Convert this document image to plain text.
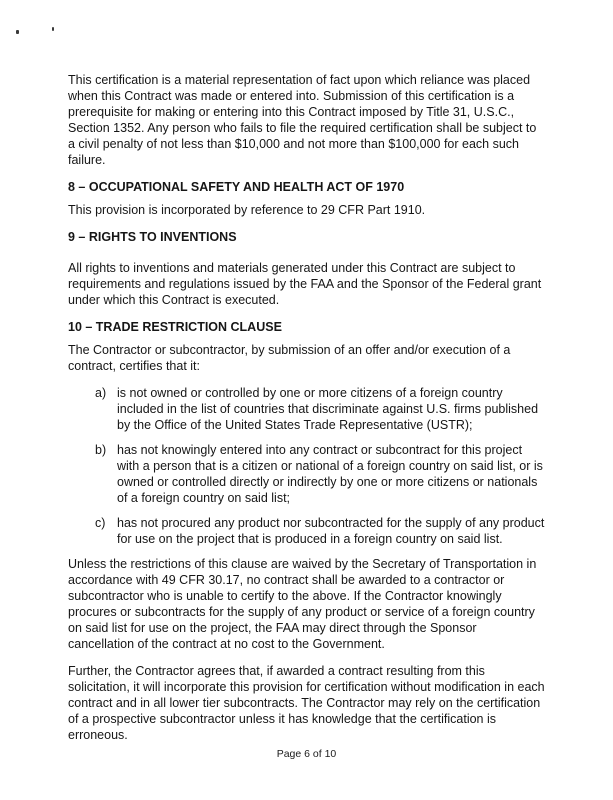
This certification is a material representation of fact upon which reliance was placed when this Contract was made or entered into. Submission of this certification is a prerequisite for making or entering into this Contract imposed by Title 31, U.S.C., Section 1352. Any person who fails to file the required certification shall be subject to a civil penalty of not less than $10,000 and not more than $100,000 for each such failure.

8 – OCCUPATIONAL SAFETY AND HEALTH ACT OF 1970

This provision is incorporated by reference to 29 CFR Part 1910.

9 – RIGHTS TO INVENTIONS

All rights to inventions and materials generated under this Contract are subject to requirements and regulations issued by the FAA and the Sponsor of the Federal grant under which this Contract is executed.

10 – TRADE RESTRICTION CLAUSE

The Contractor or subcontractor, by submission of an offer and/or execution of a contract, certifies that it:

a) is not owned or controlled by one or more citizens of a foreign country included in the list of countries that discriminate against U.S. firms published by the Office of the United States Trade Representative (USTR);
b) has not knowingly entered into any contract or subcontract for this project with a person that is a citizen or national of a foreign country on said list, or is owned or controlled directly or indirectly by one or more citizens or nationals of a foreign country on said list;
c) has not procured any product nor subcontracted for the supply of any product for use on the project that is produced in a foreign country on said list.

Unless the restrictions of this clause are waived by the Secretary of Transportation in accordance with 49 CFR 30.17, no contract shall be awarded to a contractor or subcontractor who is unable to certify to the above. If the Contractor knowingly procures or subcontracts for the supply of any product or service of a foreign country on said list for use on the project, the FAA may direct through the Sponsor cancellation of the contract at no cost to the Government.

Further, the Contractor agrees that, if awarded a contract resulting from this solicitation, it will incorporate this provision for certification without modification in each contract and in all lower tier subcontracts. The Contractor may rely on the certification of a prospective subcontractor unless it has knowledge that the certification is erroneous.

Page 6 of 10
